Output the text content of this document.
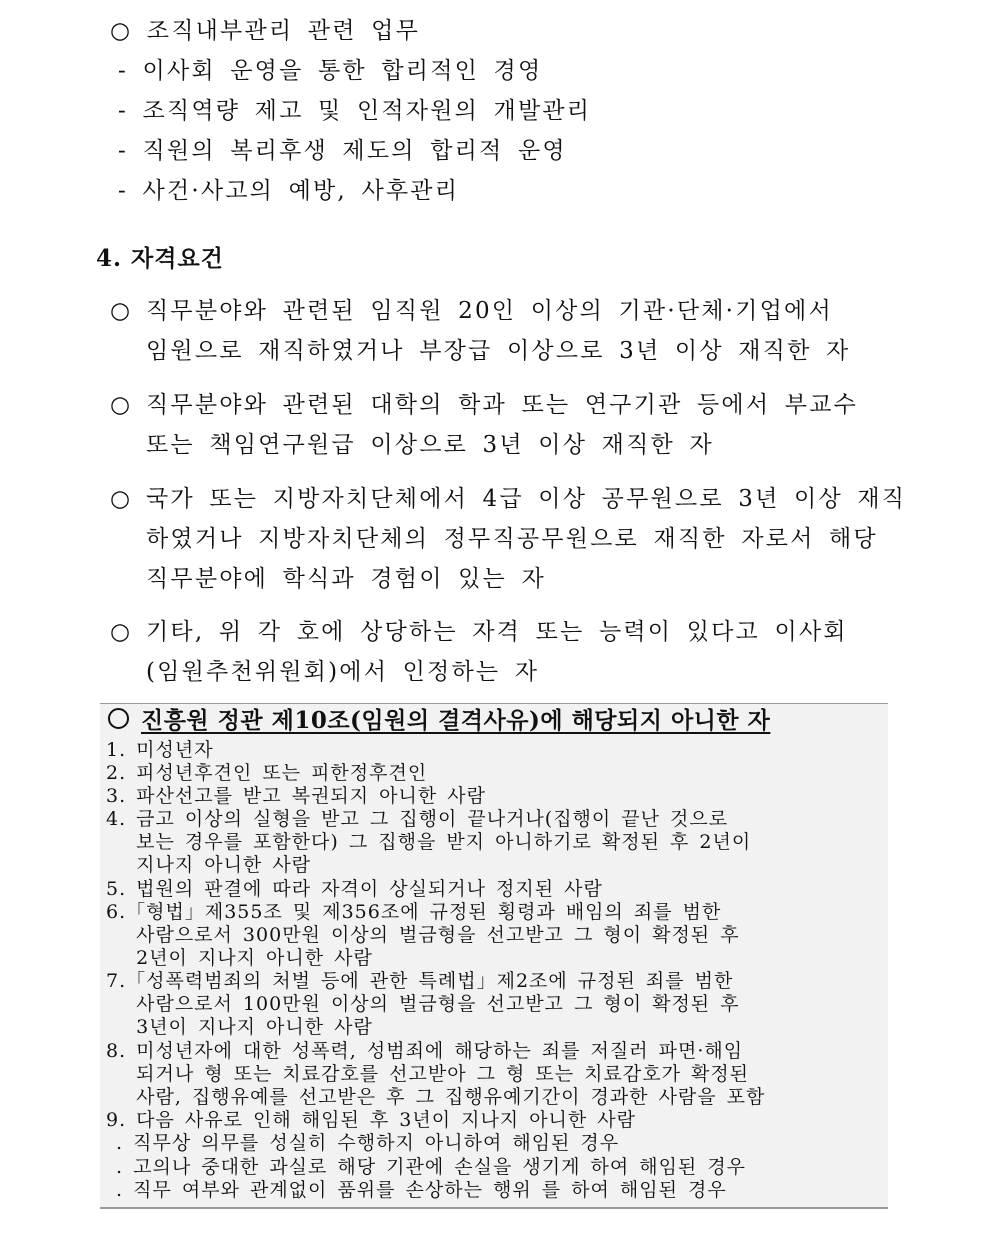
○ 조직내부관리 관련 업무
- 이사회 운영을 통한 합리적인 경영
- 조직역량 제고 및 인적자원의 개발관리
- 직원의 복리후생 제도의 합리적 운영
- 사건·사고의 예방, 사후관리
4. 자격요건
○ 직무분야와 관련된 임직원 20인 이상의 기관·단체·기업에서
임원으로 재직하였거나 부장급 이상으로 3년 이상 재직한 자
○ 직무분야와 관련된 대학의 학과 또는 연구기관 등에서 부교수
또는 책임연구원급 이상으로 3년 이상 재직한 자
○ 국가 또는 지방자치단체에서 4급 이상 공무원으로 3년 이상 재직
하였거나 지방자치단체의 정무직공무원으로 재직한 자로서 해당
직무분야에 학식과 경험이 있는 자
○ 기타, 위 각 호에 상당하는 자격 또는 능력이 있다고 이사회
(임원추천위원회)에서 인정하는 자
진흥원 정관 제10조(임원의 결격사유)에 해당되지 아니한 자
1. 미성년자
2. 피성년후견인 또는 피한정후견인
3. 파산선고를 받고 복권되지 아니한 사람
4. 금고 이상의 실형을 받고 그 집행이 끝나거나(집행이 끝난 것으로
보는 경우를 포함한다) 그 집행을 받지 아니하기로 확정된 후 2년이
지나지 아니한 사람
5. 법원의 판결에 따라 자격이 상실되거나 정지된 사람
6.「형법」제355조 및 제356조에 규정된 횡령과 배임의 죄를 범한
사람으로서 300만원 이상의 벌금형을 선고받고 그 형이 확정된 후
2년이 지나지 아니한 사람
7.「성폭력범죄의 처벌 등에 관한 특례법」제2조에 규정된 죄를 범한
사람으로서 100만원 이상의 벌금형을 선고받고 그 형이 확정된 후
3년이 지나지 아니한 사람
8. 미성년자에 대한 성폭력, 성범죄에 해당하는 죄를 저질러 파면·해임
되거나 형 또는 치료감호를 선고받아 그 형 또는 치료감호가 확정된
사람, 집행유예를 선고받은 후 그 집행유예기간이 경과한 사람을 포함
9. 다음 사유로 인해 해임된 후 3년이 지나지 아니한 사람
. 직무상 의무를 성실히 수행하지 아니하여 해임된 경우
. 고의나 중대한 과실로 해당 기관에 손실을 생기게 하여 해임된 경우
. 직무 여부와 관계없이 품위를 손상하는 행위 를 하여 해임된 경우
